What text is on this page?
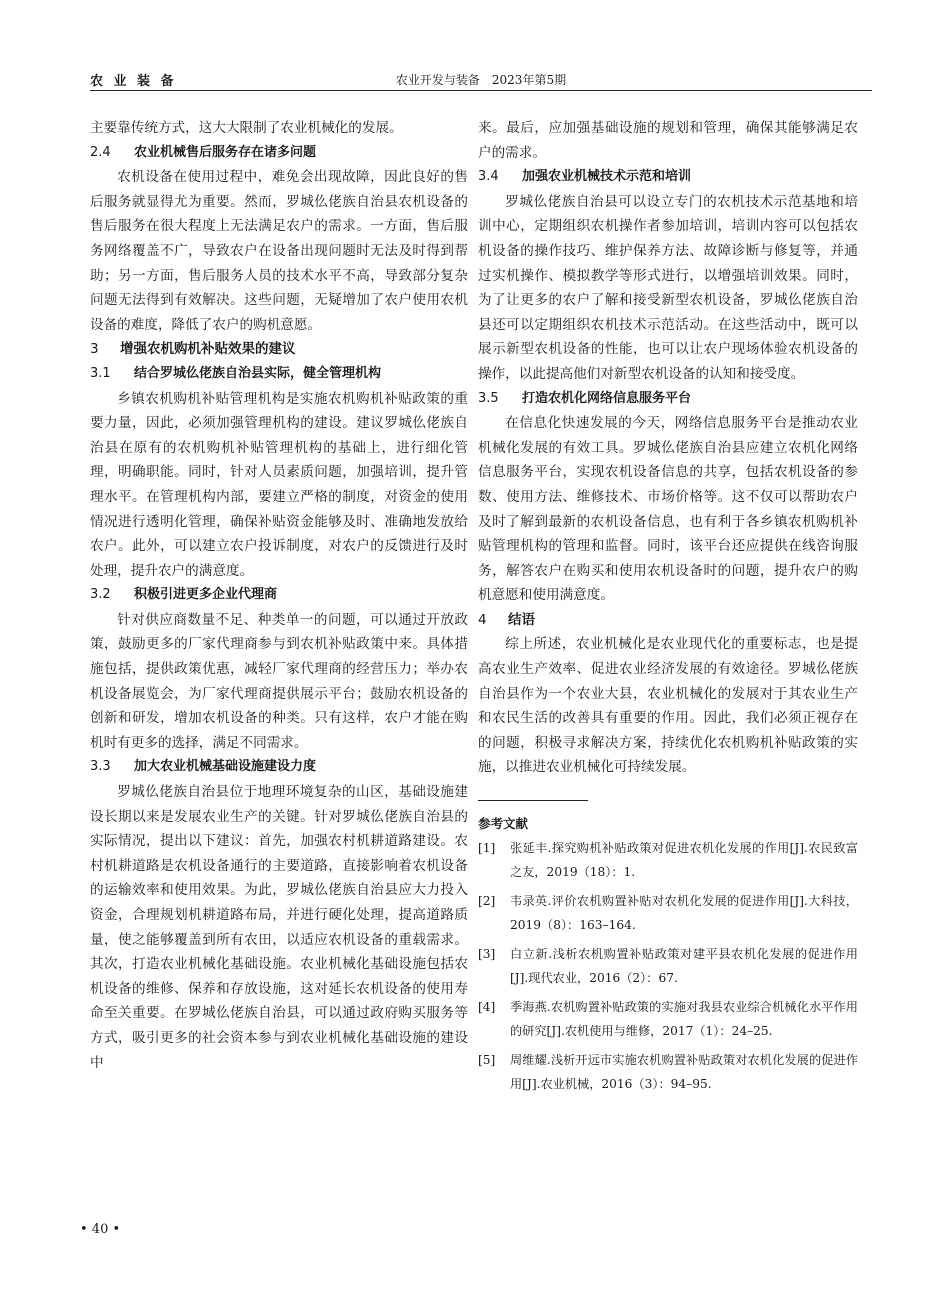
农 业 装 备	农业开发与装备　2023年第5期

主要靠传统方式，这大大限制了农业机械化的发展。

2.4 农业机械售后服务存在诸多问题

农机设备在使用过程中，难免会出现故障，因此良好的售后服务就显得尤为重要。然而，罗城仫佬族自治县农机设备的售后服务在很大程度上无法满足农户的需求。一方面，售后服务网络覆盖不广，导致农户在设备出现问题时无法及时得到帮助；另一方面，售后服务人员的技术水平不高，导致部分复杂问题无法得到有效解决。这些问题，无疑增加了农户使用农机设备的难度，降低了农户的购机意愿。

3 增强农机购机补贴效果的建议

3.1 结合罗城仫佬族自治县实际，健全管理机构

乡镇农机购机补贴管理机构是实施农机购机补贴政策的重要力量，因此，必须加强管理机构的建设。建议罗城仫佬族自治县在原有的农机购机补贴管理机构的基础上，进行细化管理，明确职能。同时，针对人员素质问题，加强培训，提升管理水平。在管理机构内部，要建立严格的制度，对资金的使用情况进行透明化管理，确保补贴资金能够及时、准确地发放给农户。此外，可以建立农户投诉制度，对农户的反馈进行及时处理，提升农户的满意度。

3.2 积极引进更多企业代理商

针对供应商数量不足、种类单一的问题，可以通过开放政策，鼓励更多的厂家代理商参与到农机补贴政策中来。具体措施包括，提供政策优惠，减轻厂家代理商的经营压力；举办农机设备展览会，为厂家代理商提供展示平台；鼓励农机设备的创新和研发，增加农机设备的种类。只有这样，农户才能在购机时有更多的选择，满足不同需求。

3.3 加大农业机械基础设施建设力度

罗城仫佬族自治县位于地理环境复杂的山区，基础设施建设长期以来是发展农业生产的关键。针对罗城仫佬族自治县的实际情况，提出以下建议：首先，加强农村机耕道路建设。农村机耕道路是农机设备通行的主要道路，直接影响着农机设备的运输效率和使用效果。为此，罗城仫佬族自治县应大力投入资金，合理规划机耕道路布局，并进行硬化处理，提高道路质量，使之能够覆盖到所有农田，以适应农机设备的重载需求。其次，打造农业机械化基础设施。农业机械化基础设施包括农机设备的维修、保养和存放设施，这对延长农机设备的使用寿命至关重要。在罗城仫佬族自治县，可以通过政府购买服务等方式，吸引更多的社会资本参与到农业机械化基础设施的建设中

来。最后，应加强基础设施的规划和管理，确保其能够满足农户的需求。

3.4 加强农业机械技术示范和培训

罗城仫佬族自治县可以设立专门的农机技术示范基地和培训中心，定期组织农机操作者参加培训，培训内容可以包括农机设备的操作技巧、维护保养方法、故障诊断与修复等，并通过实机操作、模拟教学等形式进行，以增强培训效果。同时，为了让更多的农户了解和接受新型农机设备，罗城仫佬族自治县还可以定期组织农机技术示范活动。在这些活动中，既可以展示新型农机设备的性能，也可以让农户现场体验农机设备的操作，以此提高他们对新型农机设备的认知和接受度。

3.5 打造农机化网络信息服务平台

在信息化快速发展的今天，网络信息服务平台是推动农业机械化发展的有效工具。罗城仫佬族自治县应建立农机化网络信息服务平台，实现农机设备信息的共享，包括农机设备的参数、使用方法、维修技术、市场价格等。这不仅可以帮助农户及时了解到最新的农机设备信息，也有利于各乡镇农机购机补贴管理机构的管理和监督。同时，该平台还应提供在线咨询服务，解答农户在购买和使用农机设备时的问题，提升农户的购机意愿和使用满意度。

4 结语

综上所述，农业机械化是农业现代化的重要标志，也是提高农业生产效率、促进农业经济发展的有效途径。罗城仫佬族自治县作为一个农业大县，农业机械化的发展对于其农业生产和农民生活的改善具有重要的作用。因此，我们必须正视存在的问题，积极寻求解决方案，持续优化农机购机补贴政策的实施，以推进农业机械化可持续发展。

参考文献

[1] 张延丰.探究购机补贴政策对促进农机化发展的作用[J].农民致富之友，2019（18）：1.
[2] 韦录英.评价农机购置补贴对农机化发展的促进作用[J].大科技，2019（8）：163–164.
[3] 白立新.浅析农机购置补贴政策对建平县农机化发展的促进作用[J].现代农业，2016（2）：67.
[4] 季海燕.农机购置补贴政策的实施对我县农业综合机械化水平作用的研究[J].农机使用与维修，2017（1）：24–25.
[5] 周维耀.浅析开远市实施农机购置补贴政策对农机化发展的促进作用[J].农业机械，2016（3）：94–95.
• 40 •
